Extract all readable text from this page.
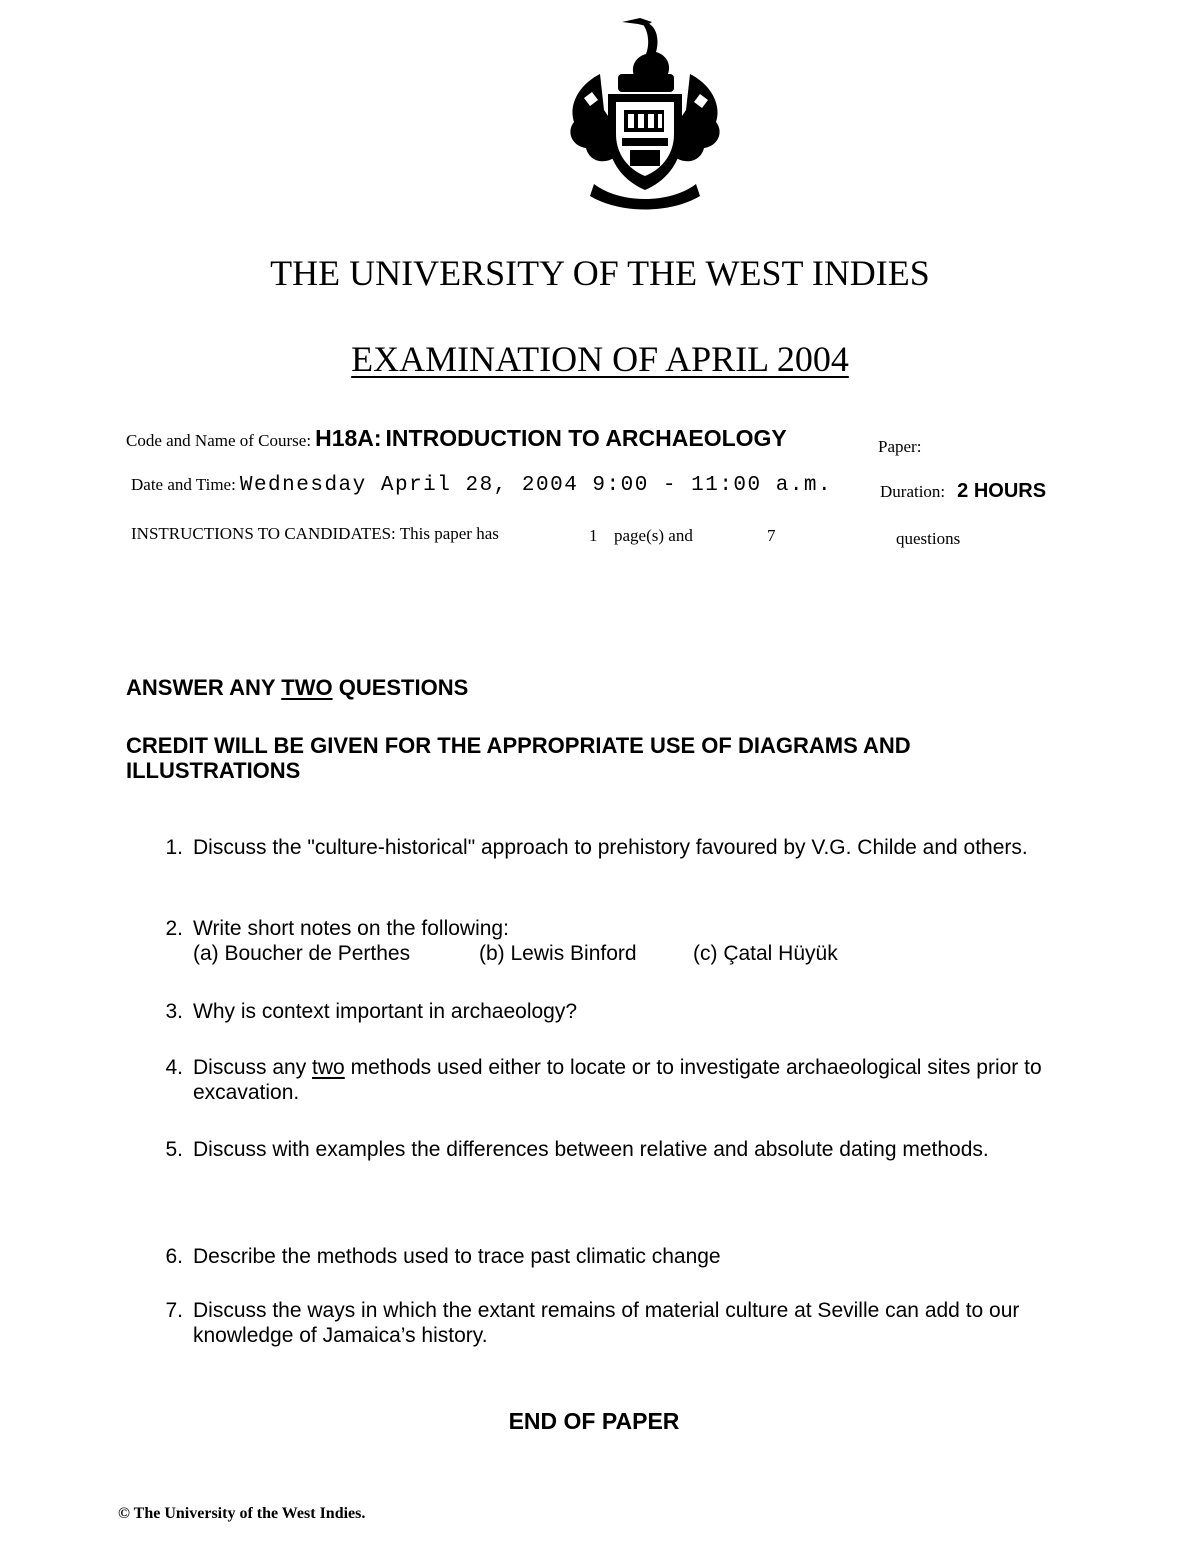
THE UNIVERSITY OF THE WEST INDIES
EXAMINATION OF APRIL 2004
Code and Name of Course: H18A: INTRODUCTION TO ARCHAEOLOGY	Paper:
Date and Time: Wednesday April 28, 2004 9:00 - 11:00 a.m.	Duration: 2 HOURS
INSTRUCTIONS TO CANDIDATES: This paper has	1 page(s) and	7	questions
ANSWER ANY TWO QUESTIONS
CREDIT WILL BE GIVEN FOR THE APPROPRIATE USE OF DIAGRAMS AND
ILLUSTRATIONS
1. Discuss the "culture-historical" approach to prehistory favoured by V.G. Childe and others.
2. Write short notes on the following:
(a) Boucher de Perthes	(b) Lewis Binford	(c) Çatal Hüyük
3. Why is context important in archaeology?
4. Discuss any two methods used either to locate or to investigate archaeological sites prior to excavation.
5. Discuss with examples the differences between relative and absolute dating methods.
6. Describe the methods used to trace past climatic change
7. Discuss the ways in which the extant remains of material culture at Seville can add to our knowledge of Jamaica’s history.
END OF PAPER
© The University of the West Indies.
